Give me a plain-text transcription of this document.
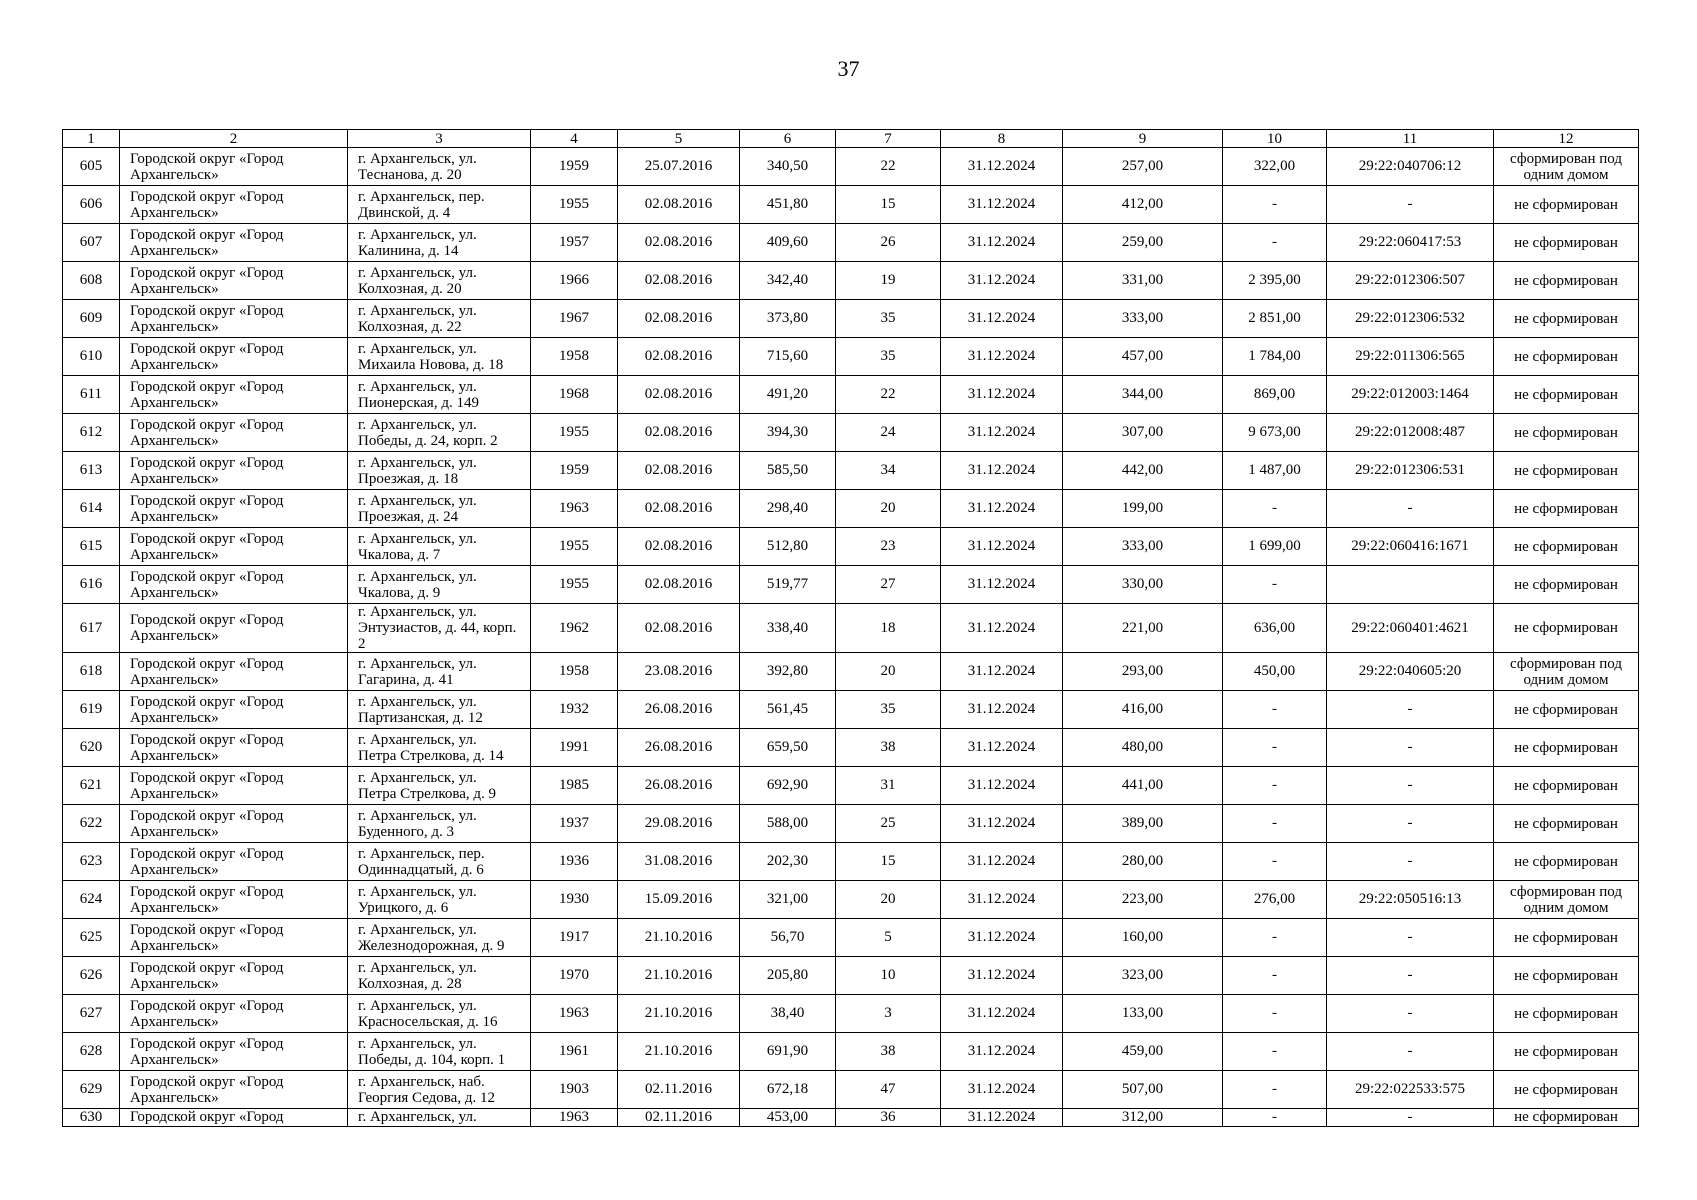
37
1	2	3	4	5	6	7	8	9	10	11	12
605	Городской округ «Город
Архангельск»	г. Архангельск, ул.
Теснанова, д. 20	1959	25.07.2016	340,50	22	31.12.2024	257,00	322,00	29:22:040706:12	сформирован под
одним домом

606	Городской округ «Город
Архангельск»	г. Архангельск, пер.
Двинской, д. 4	1955	02.08.2016	451,80	15	31.12.2024	412,00	-	-	не сформирован

607	Городской округ «Город
Архангельск»	г. Архангельск, ул.
Калинина, д. 14	1957	02.08.2016	409,60	26	31.12.2024	259,00	-	29:22:060417:53	не сформирован

608	Городской округ «Город
Архангельск»	г. Архангельск, ул.
Колхозная, д. 20	1966	02.08.2016	342,40	19	31.12.2024	331,00	2 395,00	29:22:012306:507	не сформирован

609	Городской округ «Город
Архангельск»	г. Архангельск, ул.
Колхозная, д. 22	1967	02.08.2016	373,80	35	31.12.2024	333,00	2 851,00	29:22:012306:532	не сформирован

610	Городской округ «Город
Архангельск»	г. Архангельск, ул.
Михаила Новова, д. 18	1958	02.08.2016	715,60	35	31.12.2024	457,00	1 784,00	29:22:011306:565	не сформирован

611	Городской округ «Город
Архангельск»	г. Архангельск, ул.
Пионерская, д. 149	1968	02.08.2016	491,20	22	31.12.2024	344,00	869,00	29:22:012003:1464	не сформирован

612	Городской округ «Город
Архангельск»	г. Архангельск, ул.
Победы, д. 24, корп. 2	1955	02.08.2016	394,30	24	31.12.2024	307,00	9 673,00	29:22:012008:487	не сформирован

613	Городской округ «Город
Архангельск»	г. Архангельск, ул.
Проезжая, д. 18	1959	02.08.2016	585,50	34	31.12.2024	442,00	1 487,00	29:22:012306:531	не сформирован

614	Городской округ «Город
Архангельск»	г. Архангельск, ул.
Проезжая, д. 24	1963	02.08.2016	298,40	20	31.12.2024	199,00	-	-	не сформирован

615	Городской округ «Город
Архангельск»	г. Архангельск, ул.
Чкалова, д. 7	1955	02.08.2016	512,80	23	31.12.2024	333,00	1 699,00	29:22:060416:1671	не сформирован

616	Городской округ «Город
Архангельск»	г. Архангельск, ул.
Чкалова, д. 9	1955	02.08.2016	519,77	27	31.12.2024	330,00	-		не сформирован

617	Городской округ «Город
Архангельск»	г. Архангельск, ул.
Энтузиастов, д. 44, корп. 2	1962	02.08.2016	338,40	18	31.12.2024	221,00	636,00	29:22:060401:4621	не сформирован

618	Городской округ «Город
Архангельск»	г. Архангельск, ул.
Гагарина, д. 41	1958	23.08.2016	392,80	20	31.12.2024	293,00	450,00	29:22:040605:20	сформирован под
одним домом

619	Городской округ «Город
Архангельск»	г. Архангельск, ул.
Партизанская, д. 12	1932	26.08.2016	561,45	35	31.12.2024	416,00	-	-	не сформирован

620	Городской округ «Город
Архангельск»	г. Архангельск, ул.
Петра Стрелкова, д. 14	1991	26.08.2016	659,50	38	31.12.2024	480,00	-	-	не сформирован

621	Городской округ «Город
Архангельск»	г. Архангельск, ул.
Петра Стрелкова, д. 9	1985	26.08.2016	692,90	31	31.12.2024	441,00	-	-	не сформирован

622	Городской округ «Город
Архангельск»	г. Архангельск, ул.
Буденного, д. 3	1937	29.08.2016	588,00	25	31.12.2024	389,00	-	-	не сформирован

623	Городской округ «Город
Архангельск»	г. Архангельск, пер.
Одиннадцатый, д. 6	1936	31.08.2016	202,30	15	31.12.2024	280,00	-	-	не сформирован

624	Городской округ «Город
Архангельск»	г. Архангельск, ул.
Урицкого, д. 6	1930	15.09.2016	321,00	20	31.12.2024	223,00	276,00	29:22:050516:13	сформирован под
одним домом

625	Городской округ «Город
Архангельск»	г. Архангельск, ул.
Железнодорожная, д. 9	1917	21.10.2016	56,70	5	31.12.2024	160,00	-	-	не сформирован

626	Городской округ «Город
Архангельск»	г. Архангельск, ул.
Колхозная, д. 28	1970	21.10.2016	205,80	10	31.12.2024	323,00	-	-	не сформирован

627	Городской округ «Город
Архангельск»	г. Архангельск, ул.
Красносельская, д. 16	1963	21.10.2016	38,40	3	31.12.2024	133,00	-	-	не сформирован

628	Городской округ «Город
Архангельск»	г. Архангельск, ул.
Победы, д. 104, корп. 1	1961	21.10.2016	691,90	38	31.12.2024	459,00	-	-	не сформирован

629	Городской округ «Город
Архангельск»	г. Архангельск, наб.
Георгия Седова, д. 12	1903	02.11.2016	672,18	47	31.12.2024	507,00	-	29:22:022533:575	не сформирован

630	Городской округ «Город	г. Архангельск, ул.	1963	02.11.2016	453,00	36	31.12.2024	312,00	-	-	не сформирован
